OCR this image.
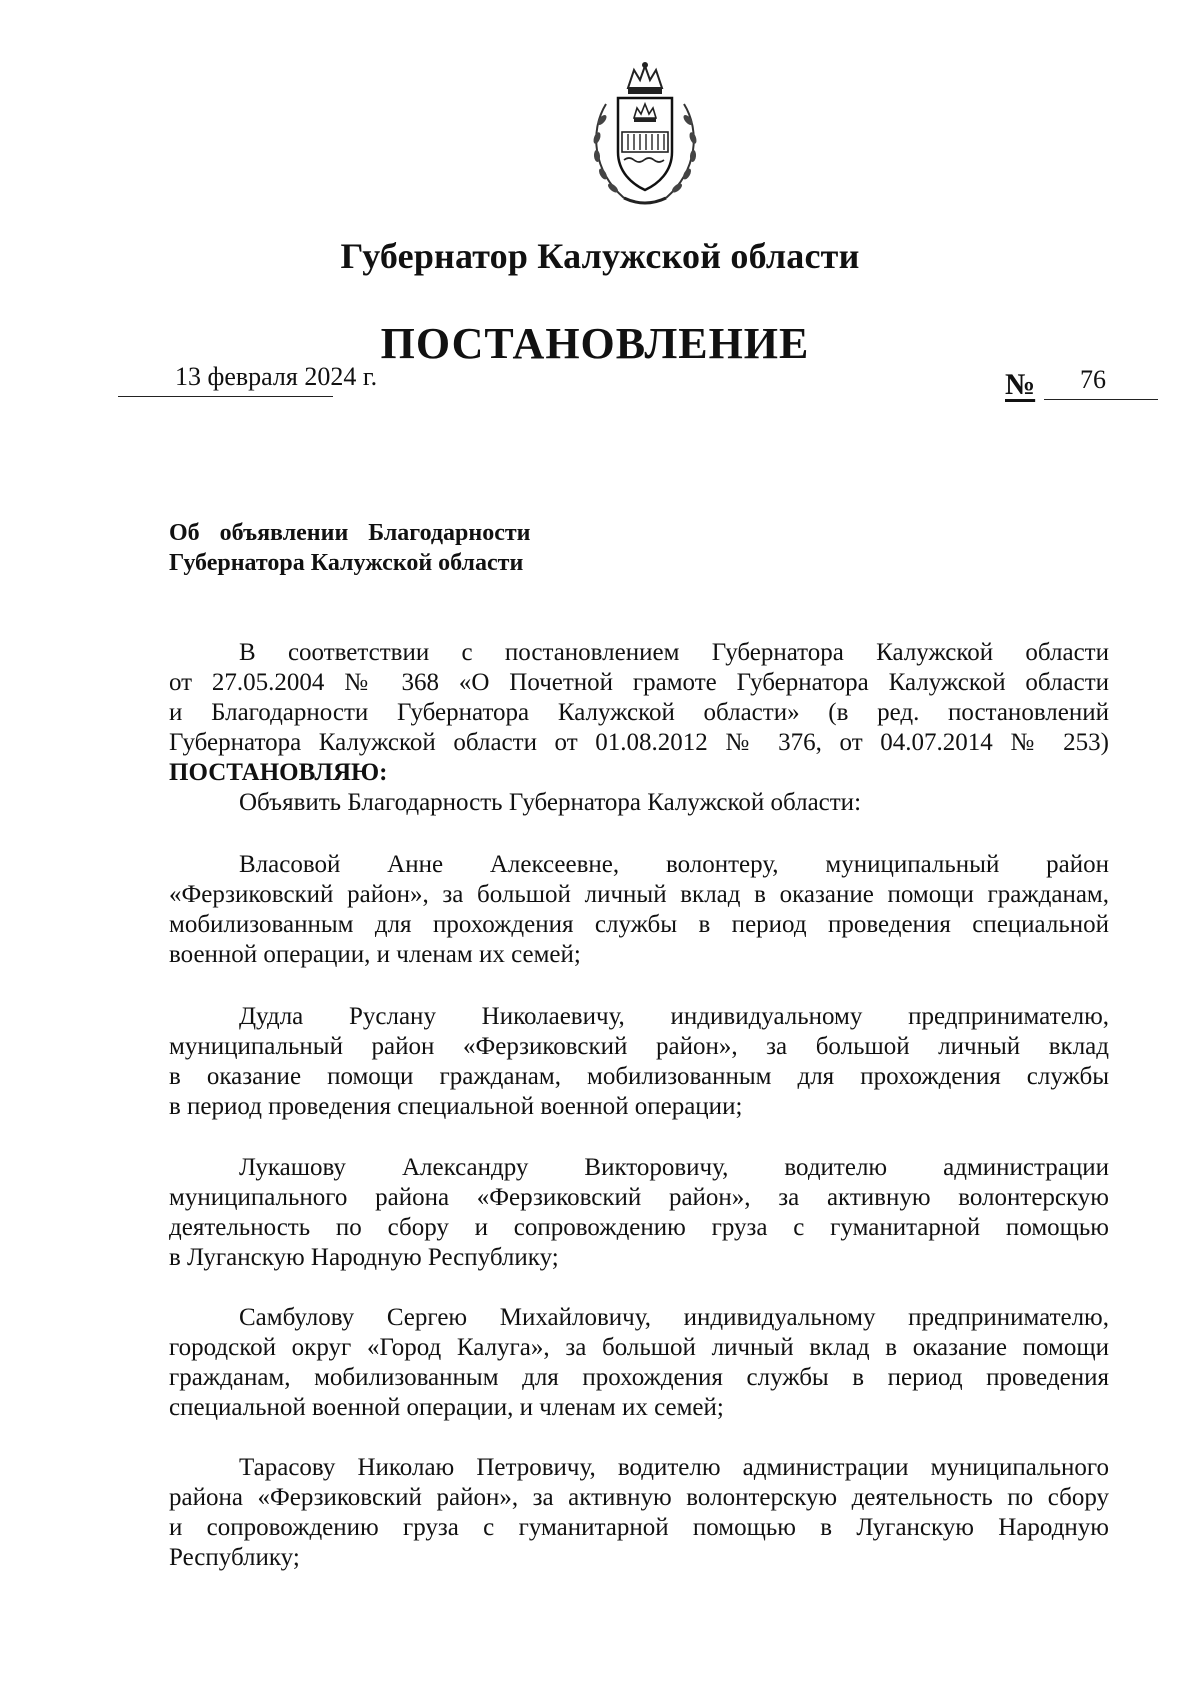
Губернатор Калужской области
ПОСТАНОВЛЕНИЕ
13 февраля 2024 г.	№ 76
Об объявлении Благодарности
Губернатора Калужской области
В соответствии с постановлением Губернатора Калужской области
от 27.05.2004 № 368 «О Почетной грамоте Губернатора Калужской области
и Благодарности Губернатора Калужской области» (в ред. постановлений
Губернатора Калужской области от 01.08.2012 № 376, от 04.07.2014 № 253)
ПОСТАНОВЛЯЮ:
Объявить Благодарность Губернатора Калужской области:
Власовой Анне Алексеевне, волонтеру, муниципальный район
«Ферзиковский район», за большой личный вклад в оказание помощи гражданам,
мобилизованным для прохождения службы в период проведения специальной
военной операции, и членам их семей;
Дудла Руслану Николаевичу, индивидуальному предпринимателю,
муниципальный район «Ферзиковский район», за большой личный вклад
в оказание помощи гражданам, мобилизованным для прохождения службы
в период проведения специальной военной операции;
Лукашову Александру Викторовичу, водителю администрации
муниципального района «Ферзиковский район», за активную волонтерскую
деятельность по сбору и сопровождению груза с гуманитарной помощью
в Луганскую Народную Республику;
Самбулову Сергею Михайловичу, индивидуальному предпринимателю,
городской округ «Город Калуга», за большой личный вклад в оказание помощи
гражданам, мобилизованным для прохождения службы в период проведения
специальной военной операции, и членам их семей;
Тарасову Николаю Петровичу, водителю администрации муниципального
района «Ферзиковский район», за активную волонтерскую деятельность по сбору
и сопровождению груза с гуманитарной помощью в Луганскую Народную
Республику;
